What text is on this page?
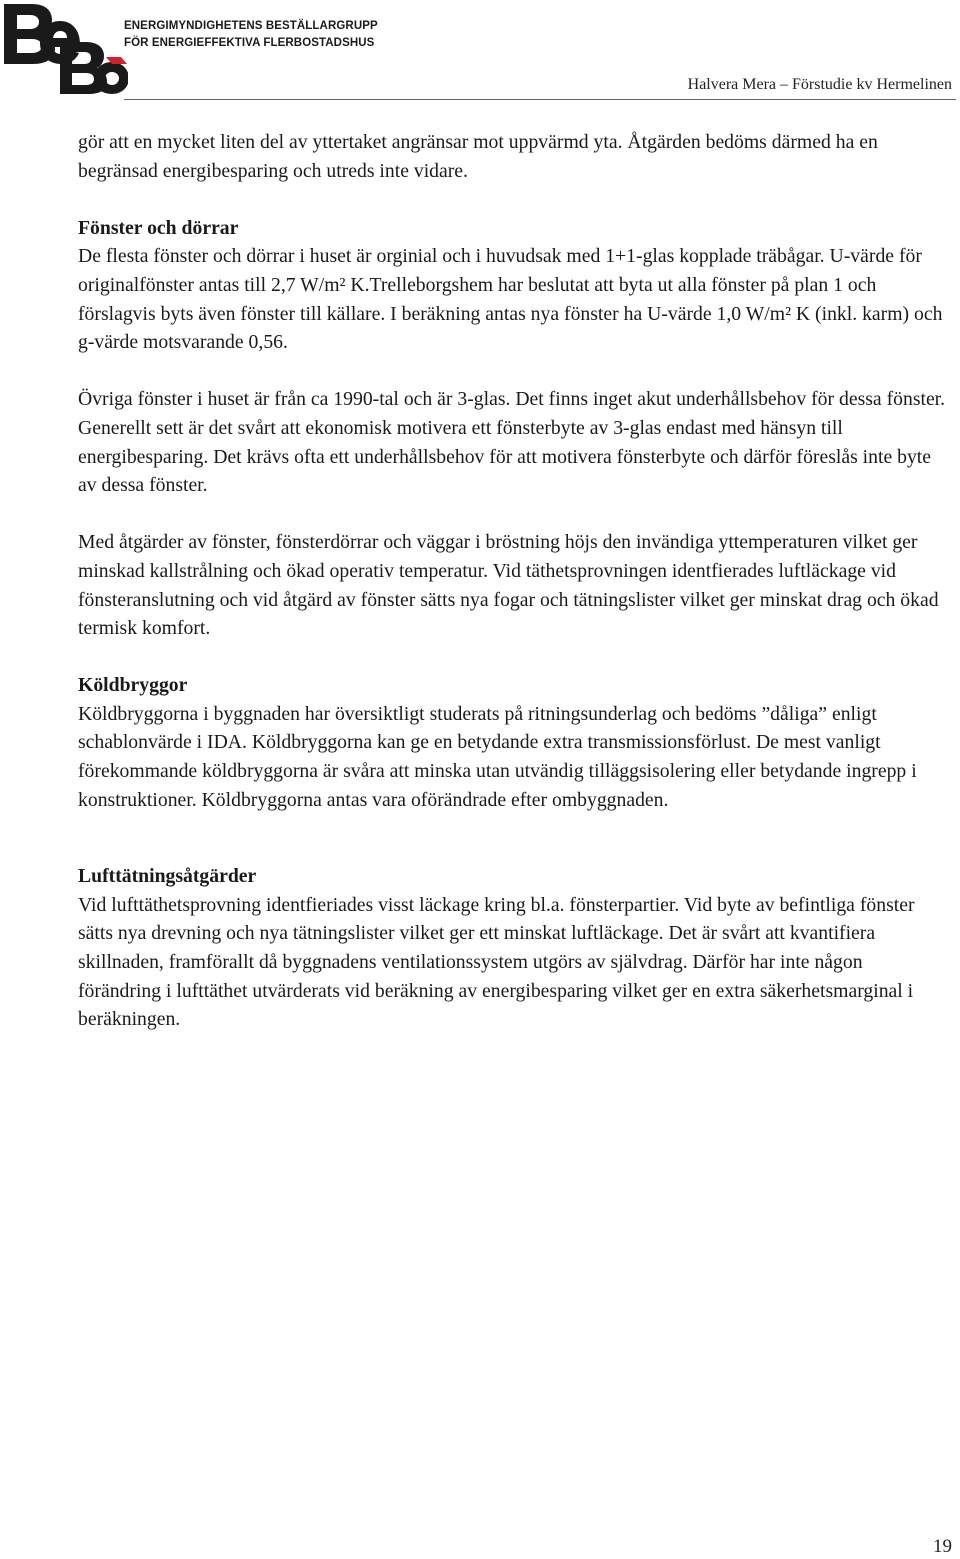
ENERGIMYNDIGHETENS BESTÄLLARGRUPP
FÖR ENERGIEFFEKTIVA FLERBOSTADSHUS
Halvera Mera – Förstudie kv Hermelinen

gör att en mycket liten del av yttertaket angränsar mot uppvärmd yta. Åtgärden bedöms därmed ha en begränsad energibesparing och utreds inte vidare.

Fönster och dörrar

De flesta fönster och dörrar i huset är orginial och i huvudsak med 1+1-glas kopplade träbågar. U-värde för originalfönster antas till 2,7 W/m² K.Trelleborgshem har beslutat att byta ut alla fönster på plan 1 och förslagvis byts även fönster till källare. I beräkning antas nya fönster ha U-värde 1,0 W/m² K (inkl. karm) och g-värde motsvarande 0,56.

Övriga fönster i huset är från ca 1990-tal och är 3-glas. Det finns inget akut underhållsbehov för dessa fönster. Generellt sett är det svårt att ekonomisk motivera ett fönsterbyte av 3-glas endast med hänsyn till energibesparing. Det krävs ofta ett underhållsbehov för att motivera fönsterbyte och därför föreslås inte byte av dessa fönster.

Med åtgärder av fönster, fönsterdörrar och väggar i bröstning höjs den invändiga yttemperaturen vilket ger minskad kallstrålning och ökad operativ temperatur. Vid täthetsprovningen identfierades luftläckage vid fönsteranslutning och vid åtgärd av fönster sätts nya fogar och tätningslister vilket ger minskat drag och ökad termisk komfort.

Köldbryggor

Köldbryggorna i byggnaden har översiktligt studerats på ritningsunderlag och bedöms ”dåliga” enligt schablonvärde i IDA. Köldbryggorna kan ge en betydande extra transmissionsförlust. De mest vanligt förekommande köldbryggorna är svåra att minska utan utvändig tilläggsisolering eller betydande ingrepp i konstruktioner. Köldbryggorna antas vara oförändrade efter ombyggnaden.

Lufttätningsåtgärder

Vid lufttäthetsprovning identfieriades visst läckage kring bl.a. fönsterpartier. Vid byte av befintliga fönster sätts nya drevning och nya tätningslister vilket ger ett minskat luftläckage. Det är svårt att kvantifiera skillnaden, framförallt då byggnadens ventilationssystem utgörs av självdrag. Därför har inte någon förändring i lufttäthet utvärderats vid beräkning av energibesparing vilket ger en extra säkerhetsmarginal i beräkningen.

19
